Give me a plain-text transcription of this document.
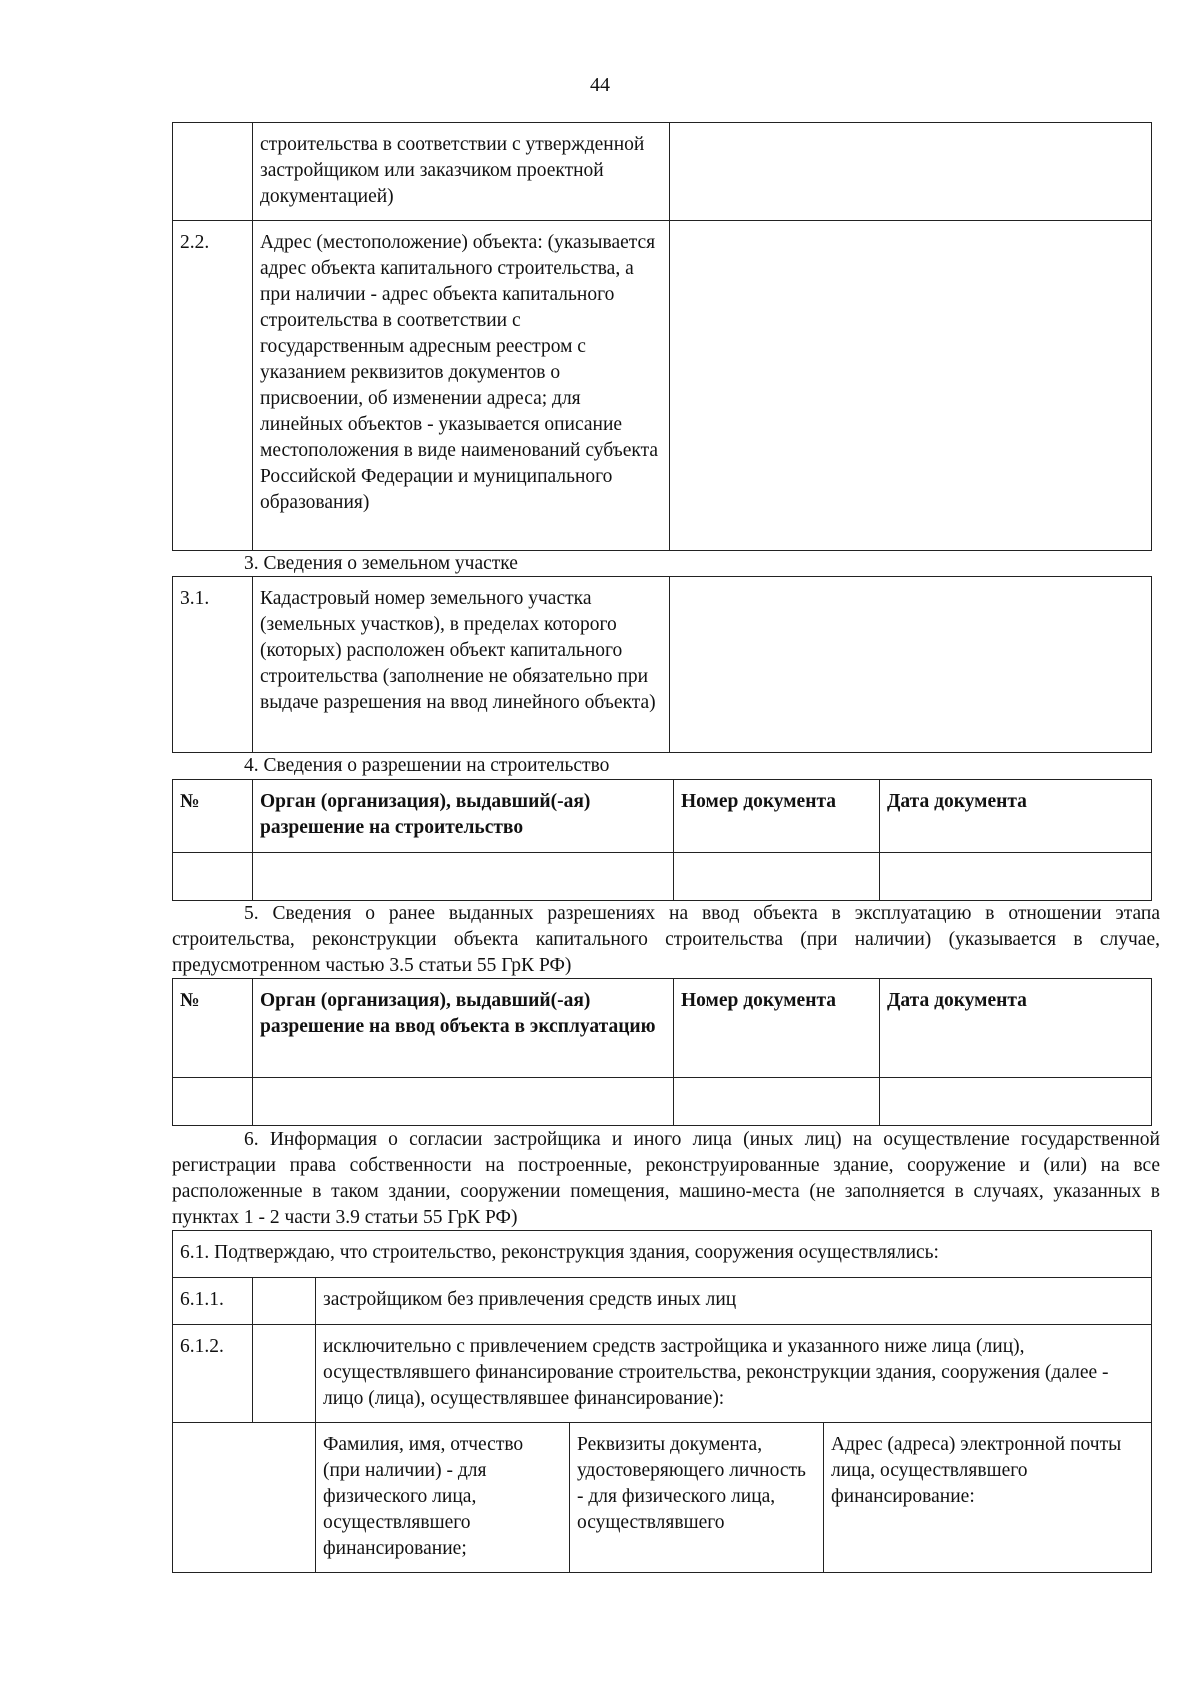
44
	строительства в соответствии с утвержденной застройщиком или заказчиком проектной документацией)	
2.2.	Адрес (местоположение) объекта: (указывается адрес объекта капитального строительства, а при наличии - адрес объекта капитального строительства в соответствии с государственным адресным реестром с указанием реквизитов документов о присвоении, об изменении адреса; для линейных объектов - указывается описание местоположения в виде наименований субъекта Российской Федерации и муниципального образования)	
3. Сведения о земельном участке
3.1.	Кадастровый номер земельного участка (земельных участков), в пределах которого (которых) расположен объект капитального строительства (заполнение не обязательно при выдаче разрешения на ввод линейного объекта)	
4. Сведения о разрешении на строительство
№	Орган (организация), выдавший(-ая) разрешение на строительство	Номер документа	Дата документа

5. Сведения о ранее выданных разрешениях на ввод объекта в эксплуатацию в отношении этапа строительства, реконструкции объекта капитального строительства (при наличии) (указывается в случае, предусмотренном частью 3.5 статьи 55 ГрК РФ)
№	Орган (организация), выдавший(-ая) разрешение на ввод объекта в эксплуатацию	Номер документа	Дата документа

6. Информация о согласии застройщика и иного лица (иных лиц) на осуществление государственной регистрации права собственности на построенные, реконструированные здание, сооружение и (или) на все расположенные в таком здании, сооружении помещения, машино-места (не заполняется в случаях, указанных в пунктах 1 - 2 части 3.9 статьи 55 ГрК РФ)
6.1. Подтверждаю, что строительство, реконструкция здания, сооружения осуществлялись:				
6.1.1.		застройщиком без привлечения средств иных лиц		
6.1.2.		исключительно с привлечением средств застройщика и указанного ниже лица (лиц), осуществлявшего финансирование строительства, реконструкции здания, сооружения (далее - лицо (лица), осуществлявшее финансирование):		
		Фамилия, имя, отчество (при наличии) - для физического лица, осуществлявшего финансирование;	Реквизиты документа, удостоверяющего личность - для физического лица, осуществлявшего	Адрес (адреса) электронной почты лица, осуществлявшего финансирование:
